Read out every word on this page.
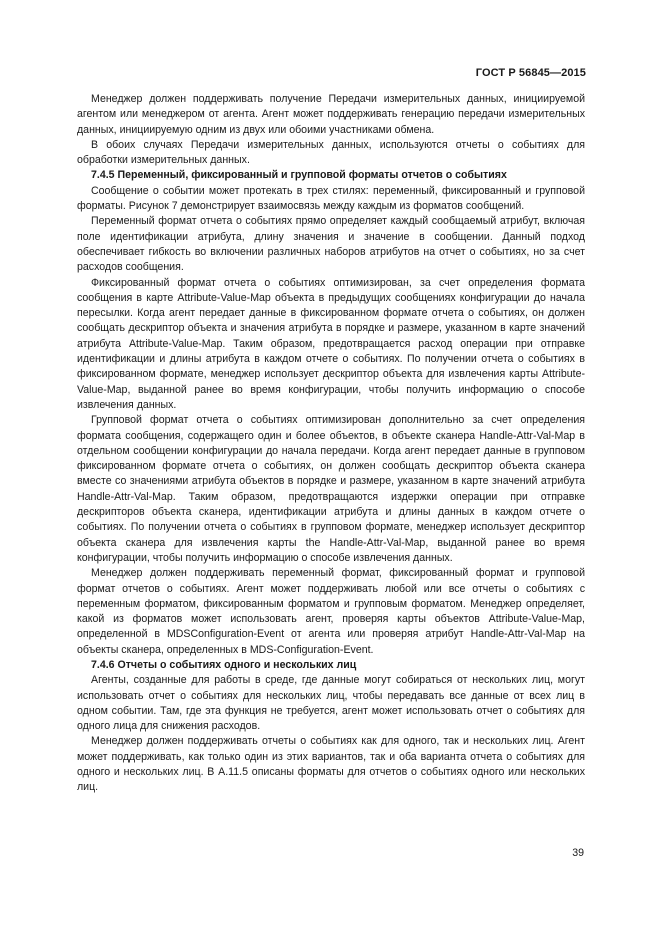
ГОСТ Р 56845—2015

Менеджер должен поддерживать получение Передачи измерительных данных, инициируемой агентом или менеджером от агента. Агент может поддерживать генерацию передачи измерительных данных, инициируемую одним из двух или обоими участниками обмена.

В обоих случаях Передачи измерительных данных, используются отчеты о событиях для обработки измерительных данных.

7.4.5 Переменный, фиксированный и групповой форматы отчетов о событиях

Сообщение о событии может протекать в трех стилях: переменный, фиксированный и групповой форматы. Рисунок 7 демонстрирует взаимосвязь между каждым из форматов сообщений.

Переменный формат отчета о событиях прямо определяет каждый сообщаемый атрибут, включая поле идентификации атрибута, длину значения и значение в сообщении. Данный подход обеспечивает гибкость во включении различных наборов атрибутов на отчет о событиях, но за счет расходов сообщения.

Фиксированный формат отчета о событиях оптимизирован, за счет определения формата сообщения в карте Attribute-Value-Map объекта в предыдущих сообщениях конфигурации до начала пересылки. Когда агент передает данные в фиксированном формате отчета о событиях, он должен сообщать дескриптор объекта и значения атрибута в порядке и размере, указанном в карте значений атрибута Attribute-Value-Map. Таким образом, предотвращается расход операции при отправке идентификации и длины атрибута в каждом отчете о событиях. По получении отчета о событиях в фиксированном формате, менеджер использует дескриптор объекта для извлечения карты Attribute-Value-Map, выданной ранее во время конфигурации, чтобы получить информацию о способе извлечения данных.

Групповой формат отчета о событиях оптимизирован дополнительно за счет определения формата сообщения, содержащего один и более объектов, в объекте сканера Handle-Attr-Val-Map в отдельном сообщении конфигурации до начала передачи. Когда агент передает данные в групповом фиксированном формате отчета о событиях, он должен сообщать дескриптор объекта сканера вместе со значениями атрибута объектов в порядке и размере, указанном в карте значений атрибута Handle-Attr-Val-Map. Таким образом, предотвращаются издержки операции при отправке дескрипторов объекта сканера, идентификации атрибута и длины данных в каждом отчете о событиях. По получении отчета о событиях в групповом формате, менеджер использует дескриптор объекта сканера для извлечения карты the Handle-Attr-Val-Map, выданной ранее во время конфигурации, чтобы получить информацию о способе извлечения данных.

Менеджер должен поддерживать переменный формат, фиксированный формат и групповой формат отчетов о событиях. Агент может поддерживать любой или все отчеты о событиях с переменным форматом, фиксированным форматом и групповым форматом. Менеджер определяет, какой из форматов может использовать агент, проверяя карты объектов Attribute-Value-Map, определенной в MDSConfiguration-Event от агента или проверяя атрибут Handle-Attr-Val-Map на объекты сканера, определенных в MDS-Configuration-Event.

7.4.6 Отчеты о событиях одного и нескольких лиц

Агенты, созданные для работы в среде, где данные могут собираться от нескольких лиц, могут использовать отчет о событиях для нескольких лиц, чтобы передавать все данные от всех лиц в одном событии. Там, где эта функция не требуется, агент может использовать отчет о событиях для одного лица для снижения расходов.

Менеджер должен поддерживать отчеты о событиях как для одного, так и нескольких лиц. Агент может поддерживать, как только один из этих вариантов, так и оба варианта отчета о событиях для одного и нескольких лиц. В А.11.5 описаны форматы для отчетов о событиях одного или нескольких лиц.

39
